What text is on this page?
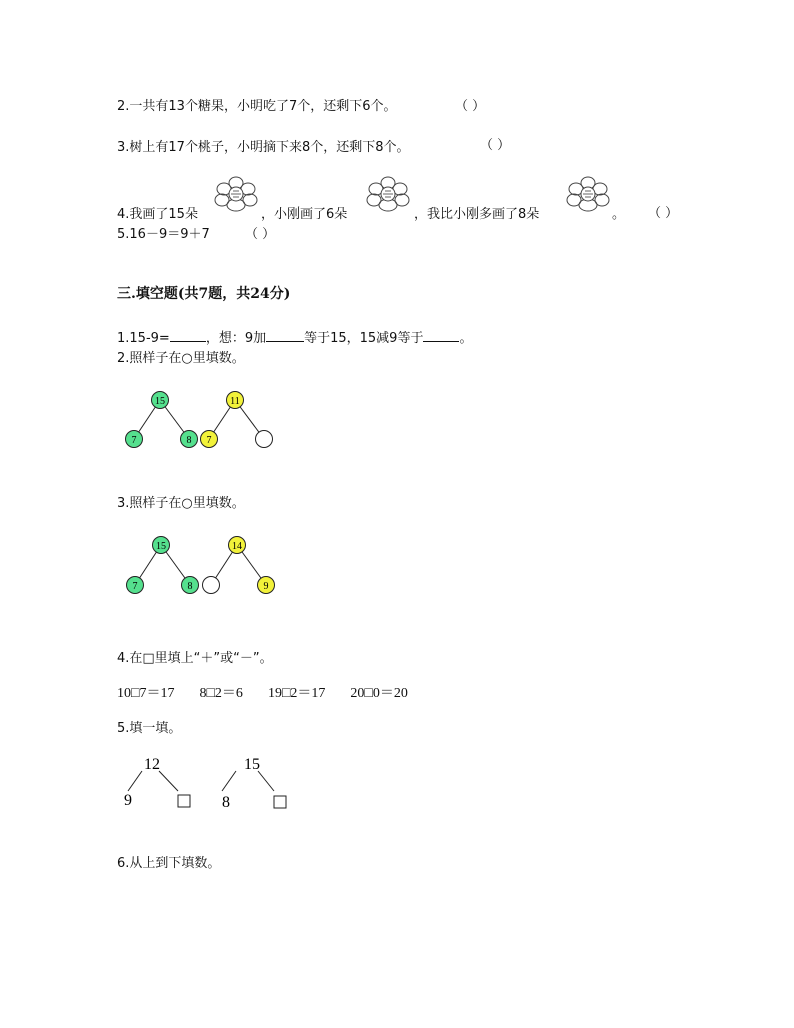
2.一共有13个糖果，小明吃了7个，还剩下6个。	（ ）
3.树上有17个桃子，小明摘下来8个，还剩下8个。	（ ）
4.我画了15朵	，小刚画了6朵	，我比小刚多画了8朵	。 （ ）
5.16－9＝9＋7	（ ）
三.填空题(共7题，共24分)
1.15-9=	，想：9加	等于15，15减9等于	。
2.照样子在○里填数。
15
7	8
11
7
3.照样子在○里填数。
15
7	8
14
9
4.在□里填上“＋”或“－”。
10□7＝17 8□2＝6 19□2＝17 20□0＝20
5.填一填。
12
9
15
8
6.从上到下填数。
